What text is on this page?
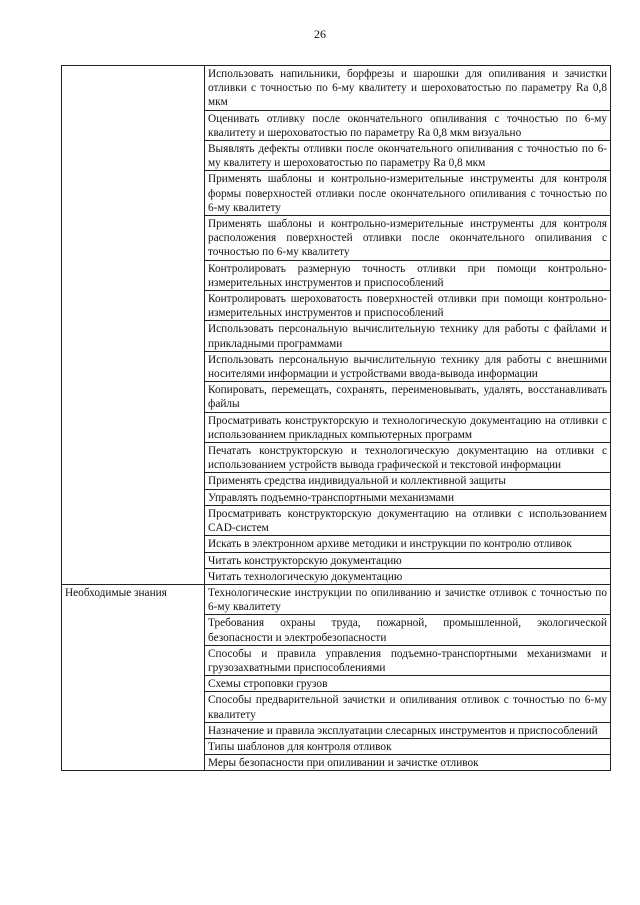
26
	Использовать напильники, борфрезы и шарошки для опиливания и зачистки отливки с точностью по 6-му квалитету и шероховатостью по параметру Ra 0,8 мкм
	Оценивать отливку после окончательного опиливания с точностью по 6-му квалитету и шероховатостью по параметру Ra 0,8 мкм визуально
	Выявлять дефекты отливки после окончательного опиливания с точностью по 6-му квалитету и шероховатостью по параметру Ra 0,8 мкм
	Применять шаблоны и контрольно-измерительные инструменты для контроля формы поверхностей отливки после окончательного опиливания с точностью по 6-му квалитету
	Применять шаблоны и контрольно-измерительные инструменты для контроля расположения поверхностей отливки после окончательного опиливания с точностью по 6-му квалитету
	Контролировать размерную точность отливки при помощи контрольно-измерительных инструментов и приспособлений
	Контролировать шероховатость поверхностей отливки при помощи контрольно-измерительных инструментов и приспособлений
	Использовать персональную вычислительную технику для работы с файлами и прикладными программами
	Использовать персональную вычислительную технику для работы с внешними носителями информации и устройствами ввода-вывода информации
	Копировать, перемещать, сохранять, переименовывать, удалять, восстанавливать файлы
	Просматривать конструкторскую и технологическую документацию на отливки с использованием прикладных компьютерных программ
	Печатать конструкторскую и технологическую документацию на отливки с использованием устройств вывода графической и текстовой информации
	Применять средства индивидуальной и коллективной защиты
	Управлять подъемно-транспортными механизмами
	Просматривать конструкторскую документацию на отливки с использованием CAD-систем
	Искать в электронном архиве методики и инструкции по контролю отливок
	Читать конструкторскую документацию
	Читать технологическую документацию
Необходимые знания	Технологические инструкции по опиливанию и зачистке отливок с точностью по 6-му квалитету
	Требования охраны труда, пожарной, промышленной, экологической безопасности и электробезопасности
	Способы и правила управления подъемно-транспортными механизмами и грузозахватными приспособлениями
	Схемы строповки грузов
	Способы предварительной зачистки и опиливания отливок с точностью по 6-му квалитету
	Назначение и правила эксплуатации слесарных инструментов и приспособлений
	Типы шаблонов для контроля отливок
	Меры безопасности при опиливании и зачистке отливок
